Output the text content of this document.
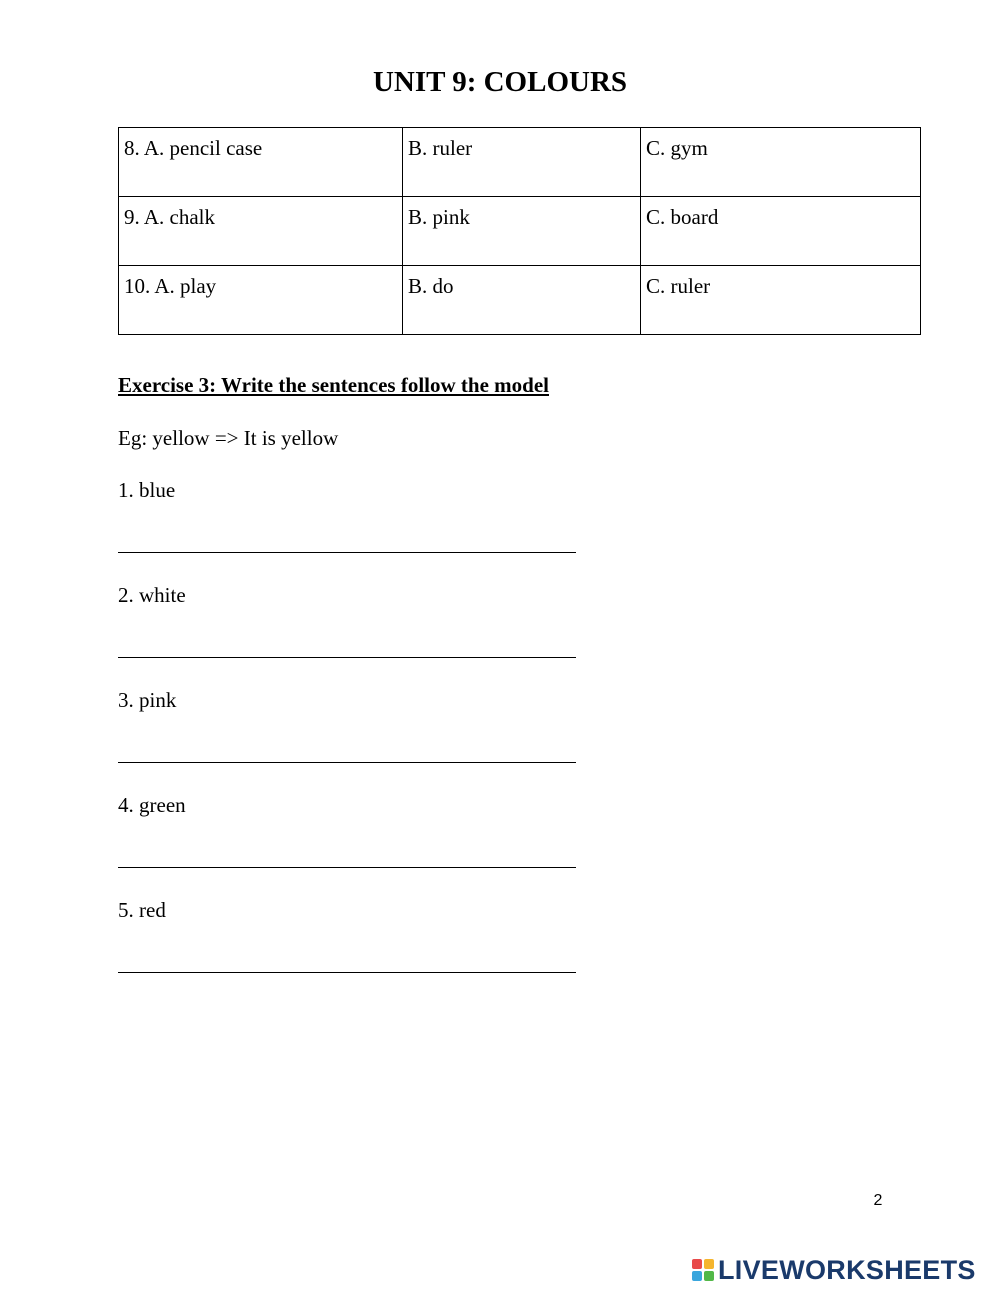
UNIT 9: COLOURS
8. A. pencil case	B. ruler	C. gym
9. A. chalk	B. pink	C. board
10. A. play	B. do	C. ruler
Exercise 3: Write the sentences follow the model
Eg: yellow => It is yellow
1. blue
2. white
3. pink
4. green
5. red
2
LIVEWORKSHEETS
